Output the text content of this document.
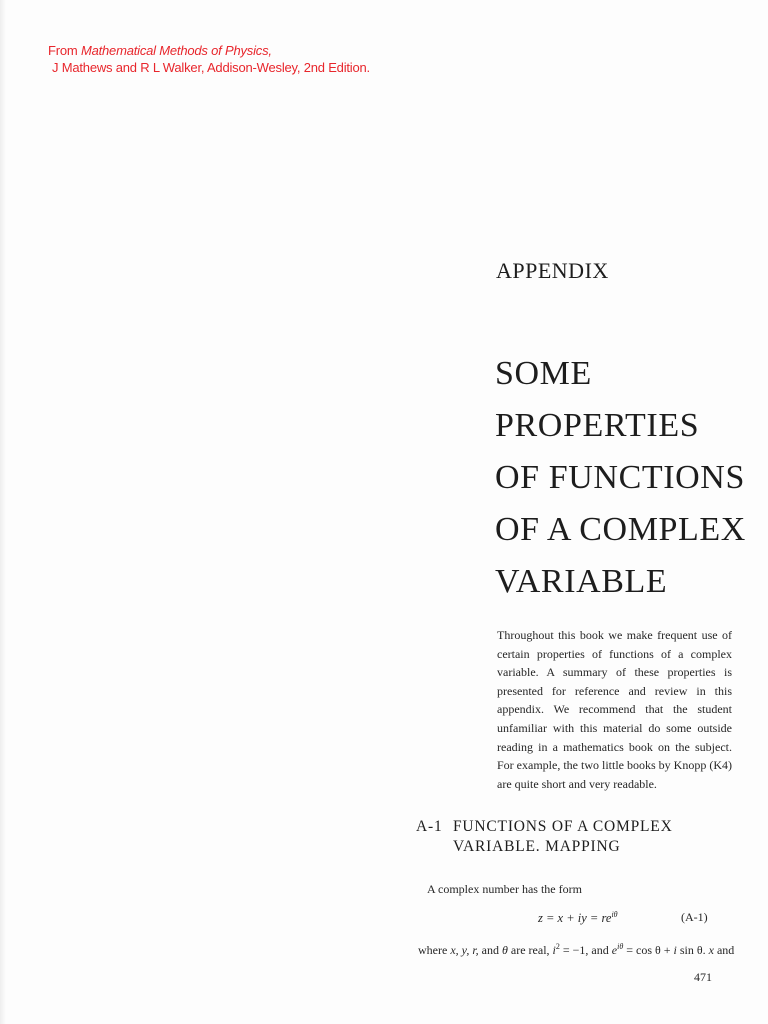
From Mathematical Methods of Physics,
J Mathews and R L Walker, Addison-Wesley, 2nd Edition.
APPENDIX
SOME
PROPERTIES
OF FUNCTIONS
OF A COMPLEX
VARIABLE

Throughout this book we make frequent use of certain properties of functions of a complex variable. A summary of these properties is presented for reference and review in this appendix. We recommend that the student unfamiliar with this material do some outside reading in a mathematics book on the subject. For example, the two little books by Knopp (K4) are quite short and very readable.

A-1 FUNCTIONS OF A COMPLEX
VARIABLE. MAPPING
A complex number has the form
z = x + iy = $re^{i\theta}$	(A-1)
where x, y, r, and θ are real, $i^2 = -1$, and $e^{i\theta} = \cos \theta + i$ sin θ. x and
471
